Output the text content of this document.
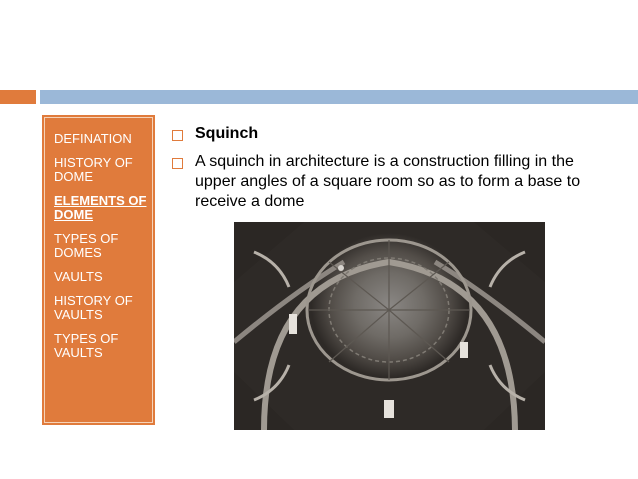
DEFINATION
HISTORY OF DOME
ELEMENTS OF DOME
TYPES OF DOMES
VAULTS
HISTORY OF VAULTS
TYPES OF VAULTS
Squinch
A squinch in architecture is a construction filling in the upper angles of a square room so as to form a base to receive a dome
